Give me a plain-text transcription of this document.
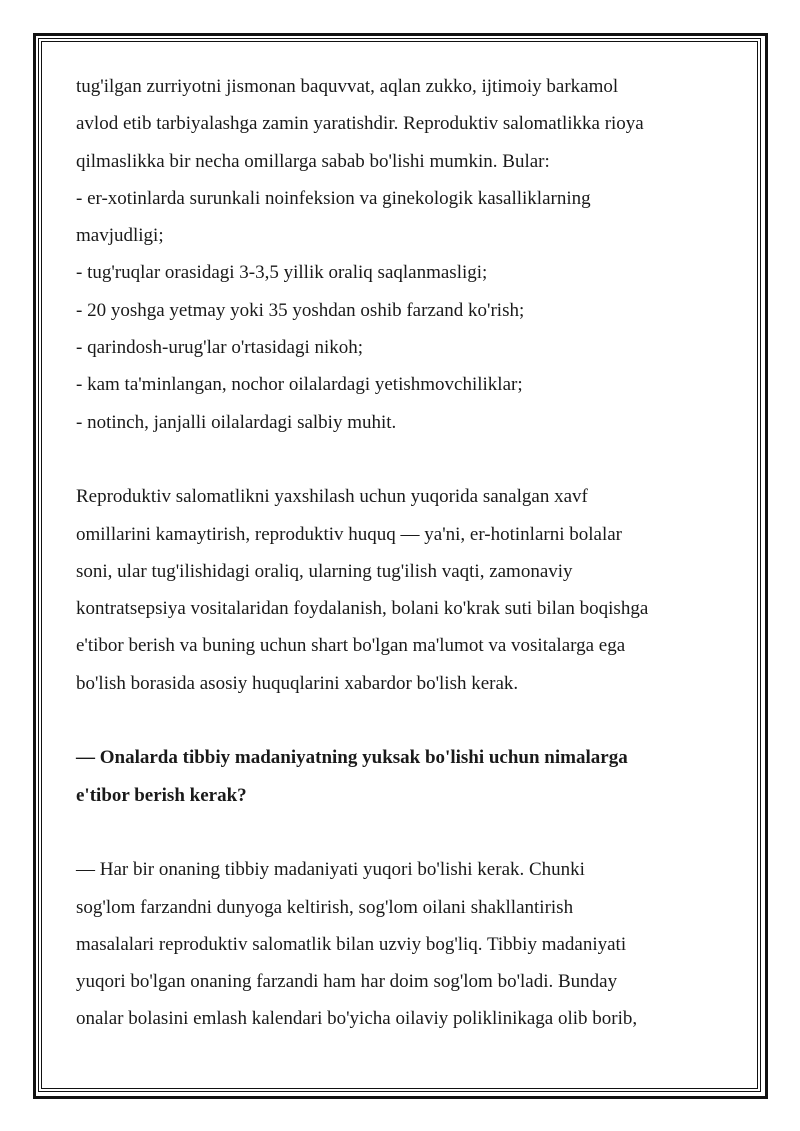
tug'ilgan zurriyotni jismonan baquvvat, aqlan zukko, ijtimoiy barkamol
avlod etib tarbiyalashga zamin yaratishdir. Reproduktiv salomatlikka rioya
qilmaslikka bir necha omillarga sabab bo'lishi mumkin. Bular:
- er-xotinlarda surunkali noinfeksion va ginekologik kasalliklarning
mavjudligi;
- tug'ruqlar orasidagi 3-3,5 yillik oraliq saqlanmasligi;
- 20 yoshga yetmay yoki 35 yoshdan oshib farzand ko'rish;
- qarindosh-urug'lar o'rtasidagi nikoh;
- kam ta'minlangan, nochor oilalardagi yetishmovchiliklar;
- notinch, janjalli oilalardagi salbiy muhit.
Reproduktiv salomatlikni yaxshilash uchun yuqorida sanalgan xavf
omillarini kamaytirish, reproduktiv huquq — ya'ni, er-hotinlarni bolalar
soni, ular tug'ilishidagi oraliq, ularning tug'ilish vaqti, zamonaviy
kontratsepsiya vositalaridan foydalanish, bolani ko'krak suti bilan boqishga
e'tibor berish va buning uchun shart bo'lgan ma'lumot va vositalarga ega
bo'lish borasida asosiy huquqlarini xabardor bo'lish kerak.
— Onalarda tibbiy madaniyatning yuksak bo'lishi uchun nimalarga
e'tibor berish kerak?
— Har bir onaning tibbiy madaniyati yuqori bo'lishi kerak. Chunki
sog'lom farzandni dunyoga keltirish, sog'lom oilani shakllantirish
masalalari reproduktiv salomatlik bilan uzviy bog'liq. Tibbiy madaniyati
yuqori bo'lgan onaning farzandi ham har doim sog'lom bo'ladi. Bunday
onalar bolasini emlash kalendari bo'yicha oilaviy poliklinikaga olib borib,
